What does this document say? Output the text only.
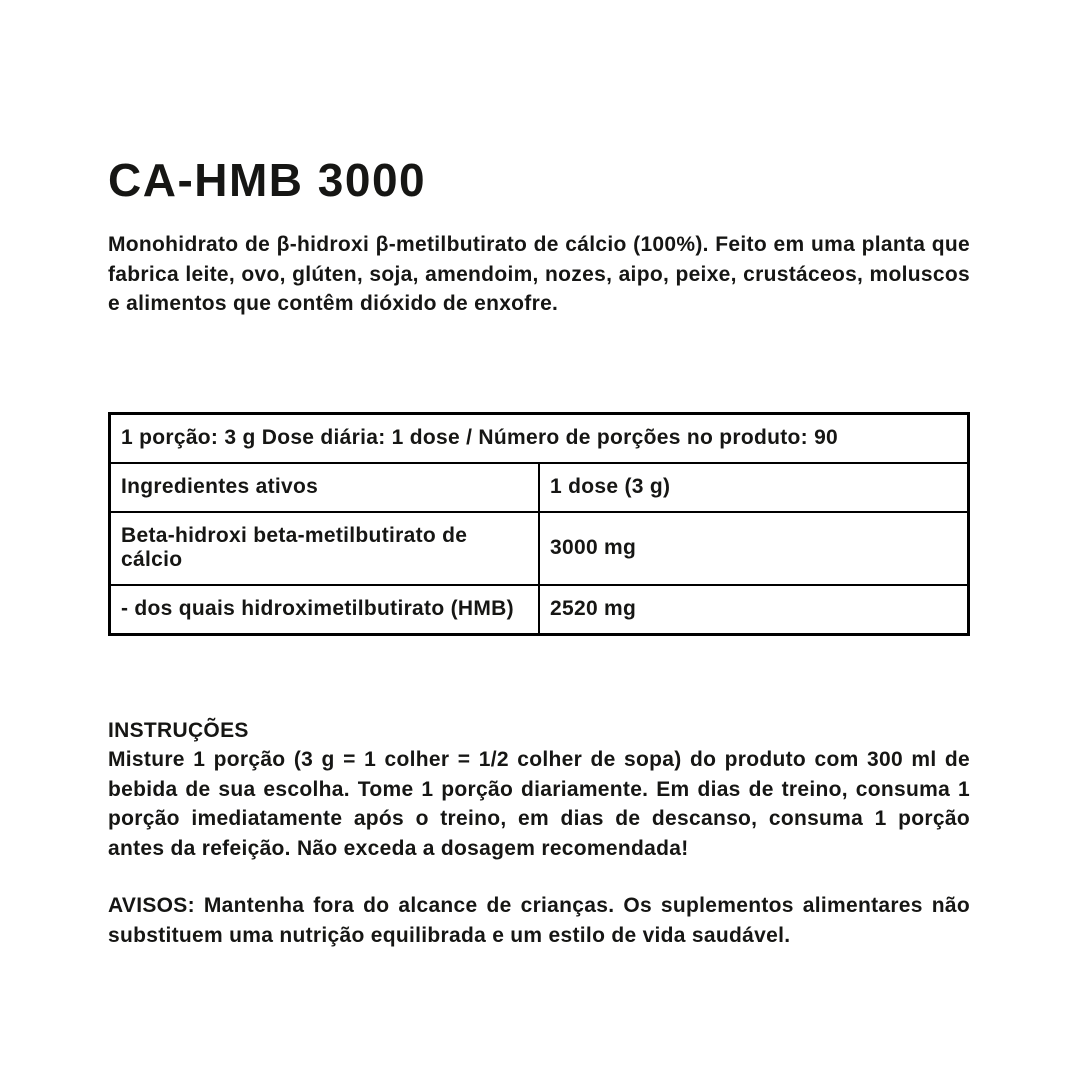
CA-HMB 3000

Monohidrato de β-hidroxi β-metilbutirato de cálcio (100%). Feito em uma planta que fabrica leite, ovo, glúten, soja, amendoim, nozes, aipo, peixe, crustáceos, moluscos e alimentos que contêm dióxido de enxofre.

1 porção: 3 g Dose diária: 1 dose / Número de porções no produto: 90	
Ingredientes ativos	1 dose (3 g)
Beta-hidroxi beta-metilbutirato de cálcio	3000 mg
- dos quais hidroximetilbutirato (HMB)	2520 mg

INSTRUÇÕES

Misture 1 porção (3 g = 1 colher = 1/2 colher de sopa) do produto com 300 ml de bebida de sua escolha. Tome 1 porção diariamente. Em dias de treino, consuma 1 porção imediatamente após o treino, em dias de descanso, consuma 1 porção antes da refeição. Não exceda a dosagem recomendada!

AVISOS: Mantenha fora do alcance de crianças. Os suplementos alimentares não substituem uma nutrição equilibrada e um estilo de vida saudável.
